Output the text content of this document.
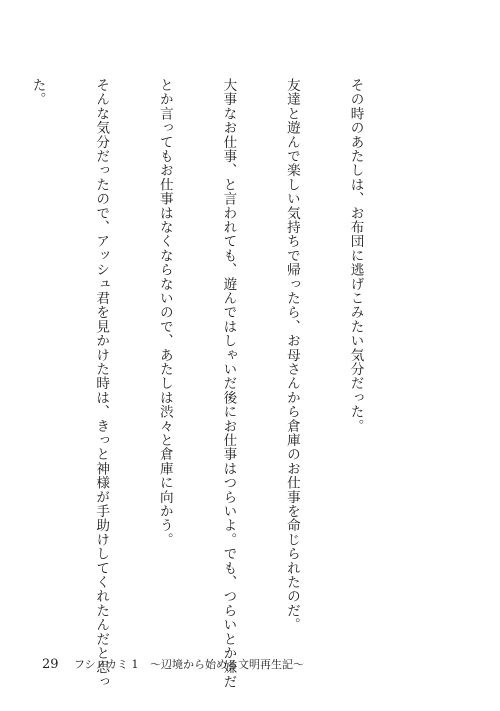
その時のあたしは、お布団に逃げこみたい気分だった。

友達と遊んで楽しい気持ちで帰ったら、お母さんから倉庫のお仕事を命じられたのだ。

大事なお仕事、と言われても、遊んではしゃいだ後にお仕事はつらいよ。でも、つらいとか嫌だ

とか言ってもお仕事はなくならないので、あたしは渋々と倉庫に向かう。

そんな気分だったので、アッシュ君を見かけた時は、きっと神様が手助けしてくれたんだと思っ

た。

29 フシノカミ 1 ～辺境から始める文明再生記～
